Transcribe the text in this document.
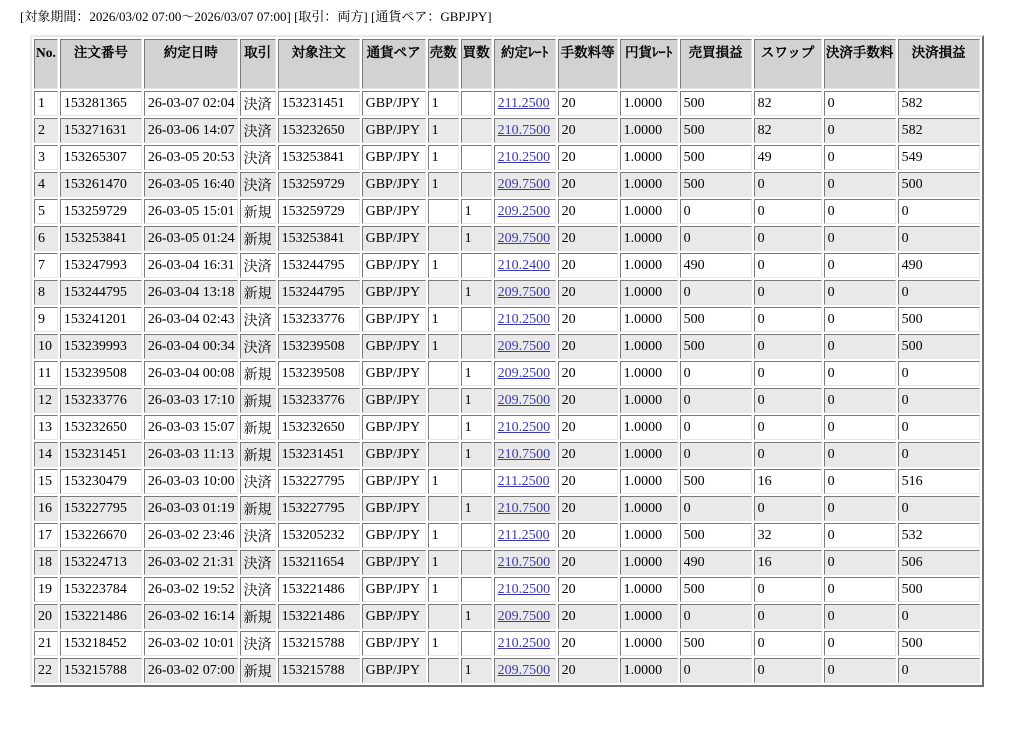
[対象期間：2026/03/02 07:00〜2026/03/07 07:00] [取引：両方] [通貨ペア：GBPJPY]
No.	注文番号	約定日時	取引	対象注文	通貨ペア	売数	買数	約定ﾚｰﾄ	手数料等	円貨ﾚｰﾄ	売買損益	スワップ	決済手数料	決済損益
1	153281365	26-03-07 02:04	決済	153231451	GBP/JPY	1		211.2500	20	1.0000	500	82	0	582
2	153271631	26-03-06 14:07	決済	153232650	GBP/JPY	1		210.7500	20	1.0000	500	82	0	582
3	153265307	26-03-05 20:53	決済	153253841	GBP/JPY	1		210.2500	20	1.0000	500	49	0	549
4	153261470	26-03-05 16:40	決済	153259729	GBP/JPY	1		209.7500	20	1.0000	500	0	0	500
5	153259729	26-03-05 15:01	新規	153259729	GBP/JPY		1	209.2500	20	1.0000	0	0	0	0
6	153253841	26-03-05 01:24	新規	153253841	GBP/JPY		1	209.7500	20	1.0000	0	0	0	0
7	153247993	26-03-04 16:31	決済	153244795	GBP/JPY	1		210.2400	20	1.0000	490	0	0	490
8	153244795	26-03-04 13:18	新規	153244795	GBP/JPY		1	209.7500	20	1.0000	0	0	0	0
9	153241201	26-03-04 02:43	決済	153233776	GBP/JPY	1		210.2500	20	1.0000	500	0	0	500
10	153239993	26-03-04 00:34	決済	153239508	GBP/JPY	1		209.7500	20	1.0000	500	0	0	500
11	153239508	26-03-04 00:08	新規	153239508	GBP/JPY		1	209.2500	20	1.0000	0	0	0	0
12	153233776	26-03-03 17:10	新規	153233776	GBP/JPY		1	209.7500	20	1.0000	0	0	0	0
13	153232650	26-03-03 15:07	新規	153232650	GBP/JPY		1	210.2500	20	1.0000	0	0	0	0
14	153231451	26-03-03 11:13	新規	153231451	GBP/JPY		1	210.7500	20	1.0000	0	0	0	0
15	153230479	26-03-03 10:00	決済	153227795	GBP/JPY	1		211.2500	20	1.0000	500	16	0	516
16	153227795	26-03-03 01:19	新規	153227795	GBP/JPY		1	210.7500	20	1.0000	0	0	0	0
17	153226670	26-03-02 23:46	決済	153205232	GBP/JPY	1		211.2500	20	1.0000	500	32	0	532
18	153224713	26-03-02 21:31	決済	153211654	GBP/JPY	1		210.7500	20	1.0000	490	16	0	506
19	153223784	26-03-02 19:52	決済	153221486	GBP/JPY	1		210.2500	20	1.0000	500	0	0	500
20	153221486	26-03-02 16:14	新規	153221486	GBP/JPY		1	209.7500	20	1.0000	0	0	0	0
21	153218452	26-03-02 10:01	決済	153215788	GBP/JPY	1		210.2500	20	1.0000	500	0	0	500
22	153215788	26-03-02 07:00	新規	153215788	GBP/JPY		1	209.7500	20	1.0000	0	0	0	0
